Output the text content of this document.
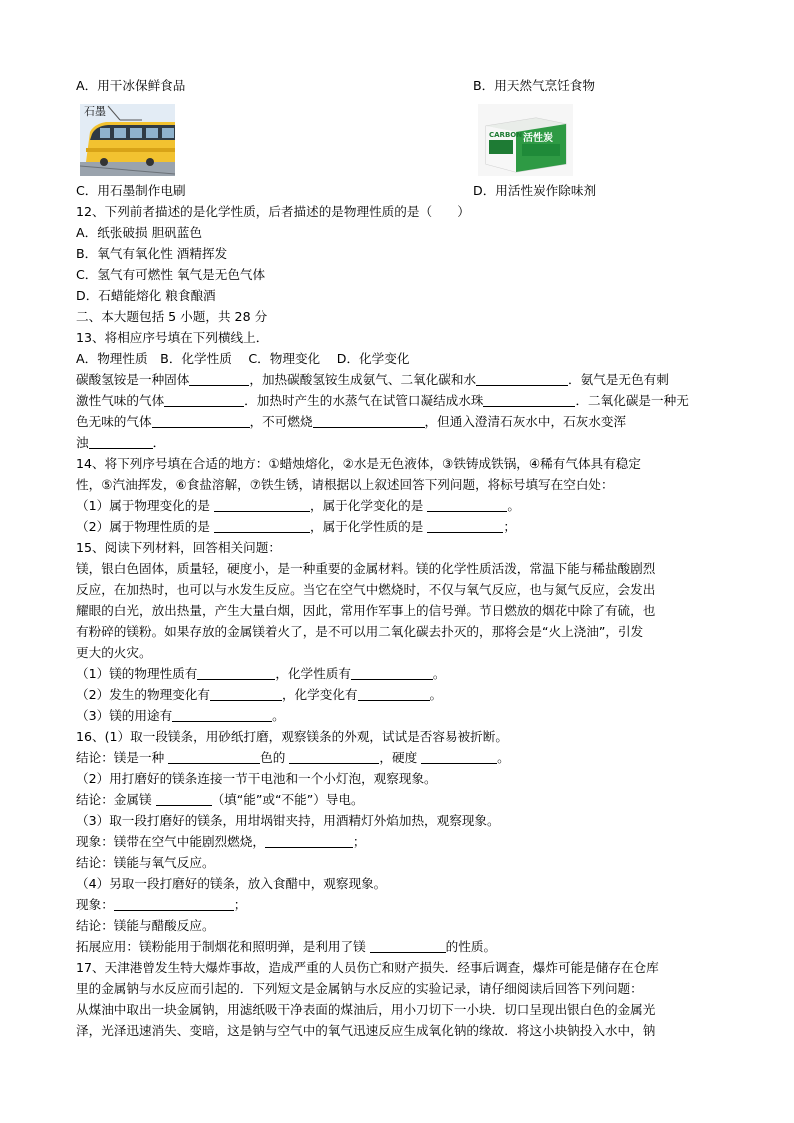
A．用干冰保鲜食品	B．用天然气烹饪食物
石墨
CARBON 活性炭
C．用石墨制作电刷	D．用活性炭作除味剂
12、下列前者描述的是化学性质，后者描述的是物理性质的是（　　）
A．纸张破损 胆矾蓝色
B．氧气有氧化性 酒精挥发
C．氢气有可燃性 氧气是无色气体
D．石蜡能熔化 粮食酿酒
二、本大题包括 5 小题，共 28 分
13、将相应序号填在下列横线上．
A．物理性质　B．化学性质　 C．物理变化　 D．化学变化
碳酸氢铵是一种固体	，加热碳酸氢铵生成氨气、二氧化碳和水	．氨气是无色有刺
激性气味的气体	．加热时产生的水蒸气在试管口凝结成水珠	．二氧化碳是一种无
色无味的气体	，不可燃烧	，但通入澄清石灰水中，石灰水变浑
浊	．
14、将下列序号填在合适的地方：①蜡烛熔化，②水是无色液体，③铁铸成铁锅，④稀有气体具有稳定
性，⑤汽油挥发，⑥食盐溶解，⑦铁生锈，请根据以上叙述回答下列问题，将标号填写在空白处：
（1）属于物理变化的是	，属于化学变化的是	。
（2）属于物理性质的是	，属于化学性质的是	；
15、阅读下列材料，回答相关问题：
镁，银白色固体，质量轻，硬度小，是一种重要的金属材料。镁的化学性质活泼，常温下能与稀盐酸剧烈
反应，在加热时，也可以与水发生反应。当它在空气中燃烧时，不仅与氧气反应，也与氮气反应，会发出
耀眼的白光，放出热量，产生大量白烟，因此，常用作军事上的信号弹。节日燃放的烟花中除了有硫，也
有粉碎的镁粉。如果存放的金属镁着火了，是不可以用二氧化碳去扑灭的，那将会是“火上浇油”，引发
更大的火灾。
（1）镁的物理性质有	，化学性质有	。
（2）发生的物理变化有	，化学变化有	。
（3）镁的用途有	。
16、(1）取一段镁条，用砂纸打磨，观察镁条的外观，试试是否容易被折断。
结论：镁是一种	色的	，硬度	。
（2）用打磨好的镁条连接一节干电池和一个小灯泡，观察现象。
结论：金属镁	（填“能”或“不能”）导电。
（3）取一段打磨好的镁条，用坩埚钳夹持，用酒精灯外焰加热，观察现象。
现象：镁带在空气中能剧烈燃烧，	；
结论：镁能与氧气反应。
（4）另取一段打磨好的镁条，放入食醋中，观察现象。
现象：	；
结论：镁能与醋酸反应。
拓展应用：镁粉能用于制烟花和照明弹，是利用了镁	的性质。
17、天津港曾发生特大爆炸事故，造成严重的人员伤亡和财产损失．经事后调查，爆炸可能是储存在仓库
里的金属钠与水反应而引起的．下列短文是金属钠与水反应的实验记录，请仔细阅读后回答下列问题：
从煤油中取出一块金属钠，用滤纸吸干净表面的煤油后，用小刀切下一小块．切口呈现出银白色的金属光
泽，光泽迅速消失、变暗，这是钠与空气中的氧气迅速反应生成氧化钠的缘故．将这小块钠投入水中，钠
